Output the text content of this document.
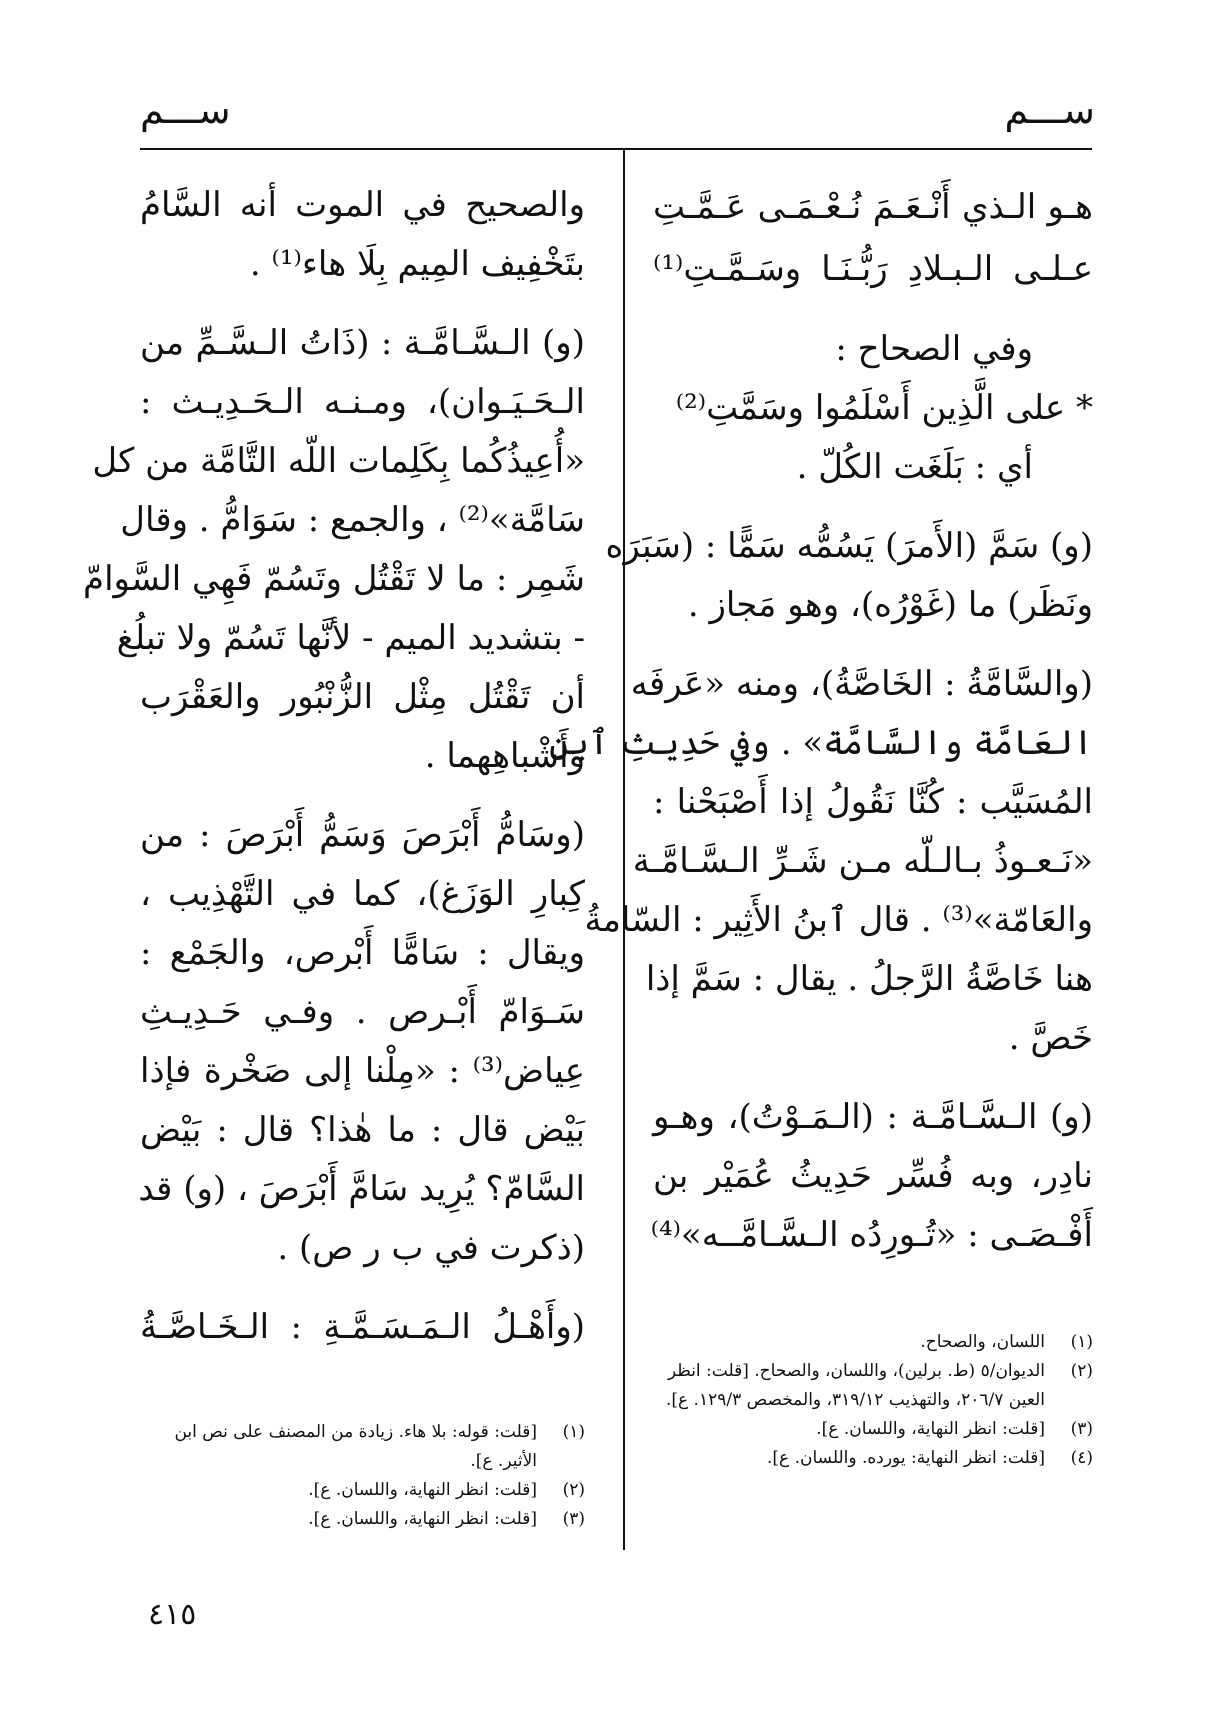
ســـم
ســـم
هـو الـذي أَنْـعَـمَ نُـعْـمَـى عَـمَّـتِ
عـلـى الـبـلادِ رَبُّـنَـا وسَـمَّـتِ⁽¹⁾
وفي الصحاح :
* على الَّذِين أَسْلَمُوا وسَمَّتِ⁽²⁾
أي : بَلَغَت الكُلّ .
(و) سَمَّ (الأَمرَ) يَسُمُّه سَمًّا : (سَبَرَه
ونَظَر) ما (غَوْرُه)، وهو مَجاز .
(والسَّامَّةُ : الخَاصَّةُ)، ومنه «عَرفَه
العَامَّة والسَّامَّة» . وفي حَدِيثِ ٱبنِ
المُسَيَّب : كُنَّا نَقُولُ إذا أَصْبَحْنا :
«نَـعـوذُ بـالـلّه مـن شَـرِّ الـسَّـامَّـة
والعَامّة»⁽³⁾ . قال ٱبنُ الأَثِير : السّامةُ
هنا خَاصَّةُ الرَّجلُ . يقال : سَمَّ إذا
خَصَّ .
(و) الـسَّـامَّـة : (الـمَـوْتُ)، وهـو
نادِر، وبه فُسِّر حَدِيثُ عُمَيْر بن
أَفْـصَـى : «تُـورِدُه الـسَّـامَّــه»⁽⁴⁾
(١)
اللسان، والصحاح.
(٢)
الديوان/٥ (ط. برلين)، واللسان، والصحاح. [قلت: انظر العين ٢٠٦/٧، والتهذيب ٣١٩/١٢، والمخصص ١٢٩/٣. ع].
(٣)
[قلت: انظر النهاية، واللسان. ع].
(٤)
[قلت: انظر النهاية: يورده. واللسان. ع].
والصحيح في الموت أنه السَّامُ
بتَخْفِيف المِيم بِلَا هاء⁽¹⁾ .
(و) الـسَّـامَّـة : (ذَاتُ الـسَّـمِّ من
الـحَـيَـوان)، ومـنـه الـحَـدِيـث :
«أُعِيذُكُما بِكَلِمات اللّه التَّامَّة من كل
سَامَّة»⁽²⁾ ، والجمع : سَوَامُّ . وقال
شَمِر : ما لا تَقْتُل وتَسُمّ فَهِي السَّوامّ
- بتشديد الميم - لأنَّها تَسُمّ ولا تبلُغ
أن تَقْتُل مِثْل الزُّنْبُور والعَقْرَب
وَأَشْباهِهما .
(وسَامُّ أَبْرَصَ وَسَمُّ أَبْرَصَ : من
كِبارِ الوَزَغ)، كما في التَّهْذِيب ،
ويقال : سَامًّا أَبْرص، والجَمْع :
سَـوَامّ أَبْـرص . وفـي حَـدِيـثِ
عِياض⁽³⁾ : «مِلْنا إلى صَخْرة فإذا
بَيْض قال : ما هٰذا؟ قال : بَيْض
السَّامّ؟ يُرِيد سَامَّ أَبْرَصَ ، (و) قد
(ذكرت في ب ر ص) .
(وأَهْـلُ الـمَـسَـمَّـةِ : الـخَـاصَّـةُ
(١)
[قلت: قوله: بلا هاء. زيادة من المصنف على نص ابن الأثير. ع].
(٢)
[قلت: انظر النهاية، واللسان. ع].
(٣)
[قلت: انظر النهاية، واللسان. ع].
٤١٥
